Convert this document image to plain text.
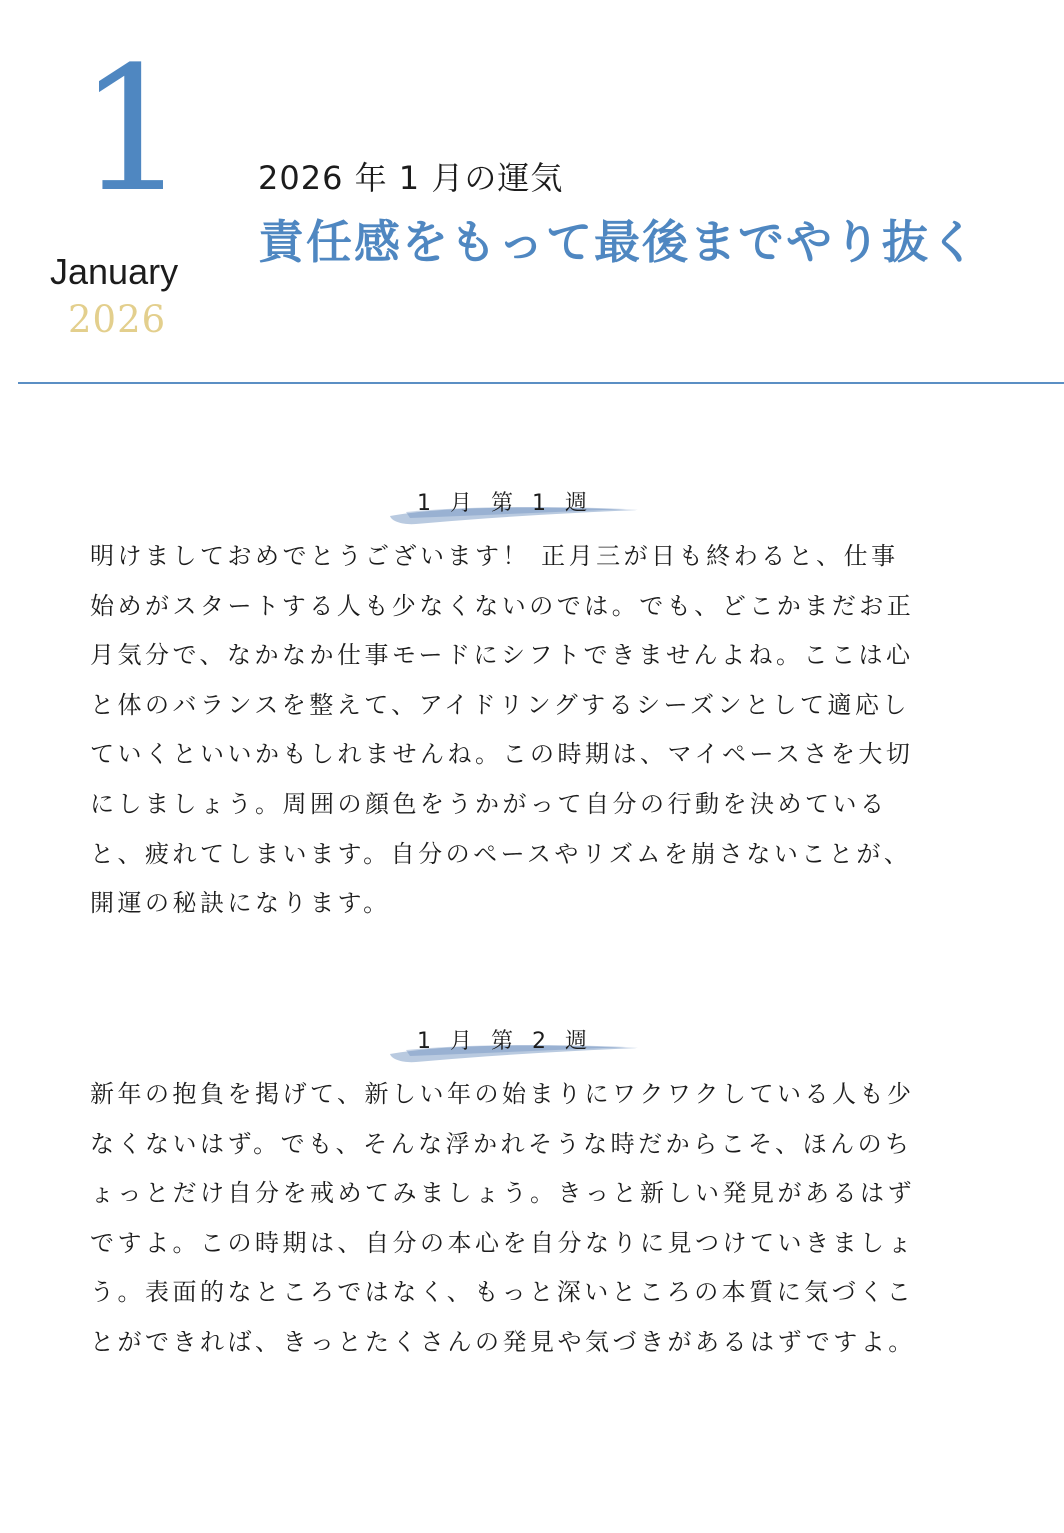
1
January
2026
2026 年 1 月の運気
責任感をもって最後までやり抜く
1 月 第 1 週

明けましておめでとうございます！ 正月三が日も終わると、仕事始めがスタートする人も少なくないのでは。でも、どこかまだお正月気分で、なかなか仕事モードにシフトできませんよね。ここは心と体のバランスを整えて、アイドリングするシーズンとして適応していくといいかもしれませんね。この時期は、マイペースさを大切にしましょう。周囲の顔色をうかがって自分の行動を決めていると、疲れてしまいます。自分のペースやリズムを崩さないことが、開運の秘訣になります。

1 月 第 2 週

新年の抱負を掲げて、新しい年の始まりにワクワクしている人も少なくないはず。でも、そんな浮かれそうな時だからこそ、ほんのちょっとだけ自分を戒めてみましょう。きっと新しい発見があるはずですよ。この時期は、自分の本心を自分なりに見つけていきましょう。表面的なところではなく、もっと深いところの本質に気づくことができれば、きっとたくさんの発見や気づきがあるはずですよ。
